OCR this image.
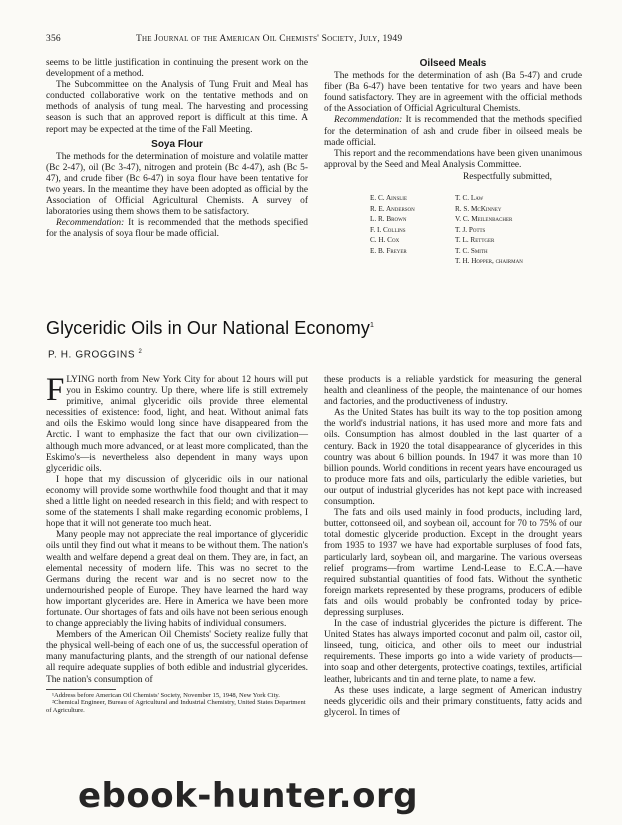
356	The Journal of the American Oil Chemists' Society, July, 1949

seems to be little justification in continuing the present work on the development of a method.

The Subcommittee on the Analysis of Tung Fruit and Meal has conducted collaborative work on the tentative methods and on methods of analysis of tung meal. The harvesting and processing season is such that an approved report is difficult at this time. A report may be expected at the time of the Fall Meeting.

Soya Flour

The methods for the determination of moisture and volatile matter (Bc 2-47), oil (Bc 3-47), nitrogen and protein (Bc 4-47), ash (Bc 5-47), and crude fiber (Bc 6-47) in soya flour have been tentative for two years. In the meantime they have been adopted as official by the Association of Official Agricultural Chemists. A survey of laboratories using them shows them to be satisfactory.

Recommendation: It is recommended that the methods specified for the analysis of soya flour be made official.

Oilseed Meals

The methods for the determination of ash (Ba 5-47) and crude fiber (Ba 6-47) have been tentative for two years and have been found satisfactory. They are in agreement with the official methods of the Association of Official Agricultural Chemists.

Recommendation: It is recommended that the methods specified for the determination of ash and crude fiber in oilseed meals be made official.

This report and the recommendations have been given unanimous approval by the Seed and Meal Analysis Committee.

Respectfully submitted,
E. C. Ainslie
R. E. Anderson
L. R. Brown
F. I. Collins
C. H. Cox
E. B. Freyer
T. C. Law
R. S. McKinney
V. C. Meilenbacher
T. J. Potts
T. L. Rettger
T. C. Smith
T. H. Hopper, chairman
Glyceridic Oils in Our National Economy$^1$
P. H. GROGGINS $^2$

FLYING north from New York City for about 12 hours will put you in Eskimo country. Up there, where life is still extremely primitive, animal glyceridic oils provide three elemental necessities of existence: food, light, and heat. Without animal fats and oils the Eskimo would long since have disappeared from the Arctic. I want to emphasize the fact that our own civilization—although much more advanced, or at least more complicated, than the Eskimo's—is nevertheless also dependent in many ways upon glyceridic oils.

I hope that my discussion of glyceridic oils in our national economy will provide some worthwhile food thought and that it may shed a little light on needed research in this field; and with respect to some of the statements I shall make regarding economic problems, I hope that it will not generate too much heat.

Many people may not appreciate the real importance of glyceridic oils until they find out what it means to be without them. The nation's wealth and welfare depend a great deal on them. They are, in fact, an elemental necessity of modern life. This was no secret to the Germans during the recent war and is no secret now to the undernourished people of Europe. They have learned the hard way how important glycerides are. Here in America we have been more fortunate. Our shortages of fats and oils have not been serious enough to change appreciably the living habits of individual consumers.

Members of the American Oil Chemists' Society realize fully that the physical well-being of each one of us, the successful operation of many manufacturing plants, and the strength of our national defense all require adequate supplies of both edible and industrial glycerides. The nation's consumption of

¹Address before American Oil Chemists' Society, November 15, 1948, New York City.
²Chemical Engineer, Bureau of Agricultural and Industrial Chemistry, United States Department of Agriculture.

these products is a reliable yardstick for measuring the general health and cleanliness of the people, the maintenance of our homes and factories, and the productiveness of industry.

As the United States has built its way to the top position among the world's industrial nations, it has used more and more fats and oils. Consumption has almost doubled in the last quarter of a century. Back in 1920 the total disappearance of glycerides in this country was about 6 billion pounds. In 1947 it was more than 10 billion pounds. World conditions in recent years have encouraged us to produce more fats and oils, particularly the edible varieties, but our output of industrial glycerides has not kept pace with increased consumption.

The fats and oils used mainly in food products, including lard, butter, cottonseed oil, and soybean oil, account for 70 to 75% of our total domestic glyceride production. Except in the drought years from 1935 to 1937 we have had exportable surpluses of food fats, particularly lard, soybean oil, and margarine. The various overseas relief programs—from wartime Lend-Lease to E.C.A.—have required substantial quantities of food fats. Without the synthetic foreign markets represented by these programs, producers of edible fats and oils would probably be confronted today by price-depressing surpluses.

In the case of industrial glycerides the picture is different. The United States has always imported coconut and palm oil, castor oil, linseed, tung, oiticica, and other oils to meet our industrial requirements. These imports go into a wide variety of products—into soap and other detergents, protective coatings, textiles, artificial leather, lubricants and tin and terne plate, to name a few.

As these uses indicate, a large segment of American industry needs glyceridic oils and their primary constituents, fatty acids and glycerol. In times of

ebook-hunter.org
